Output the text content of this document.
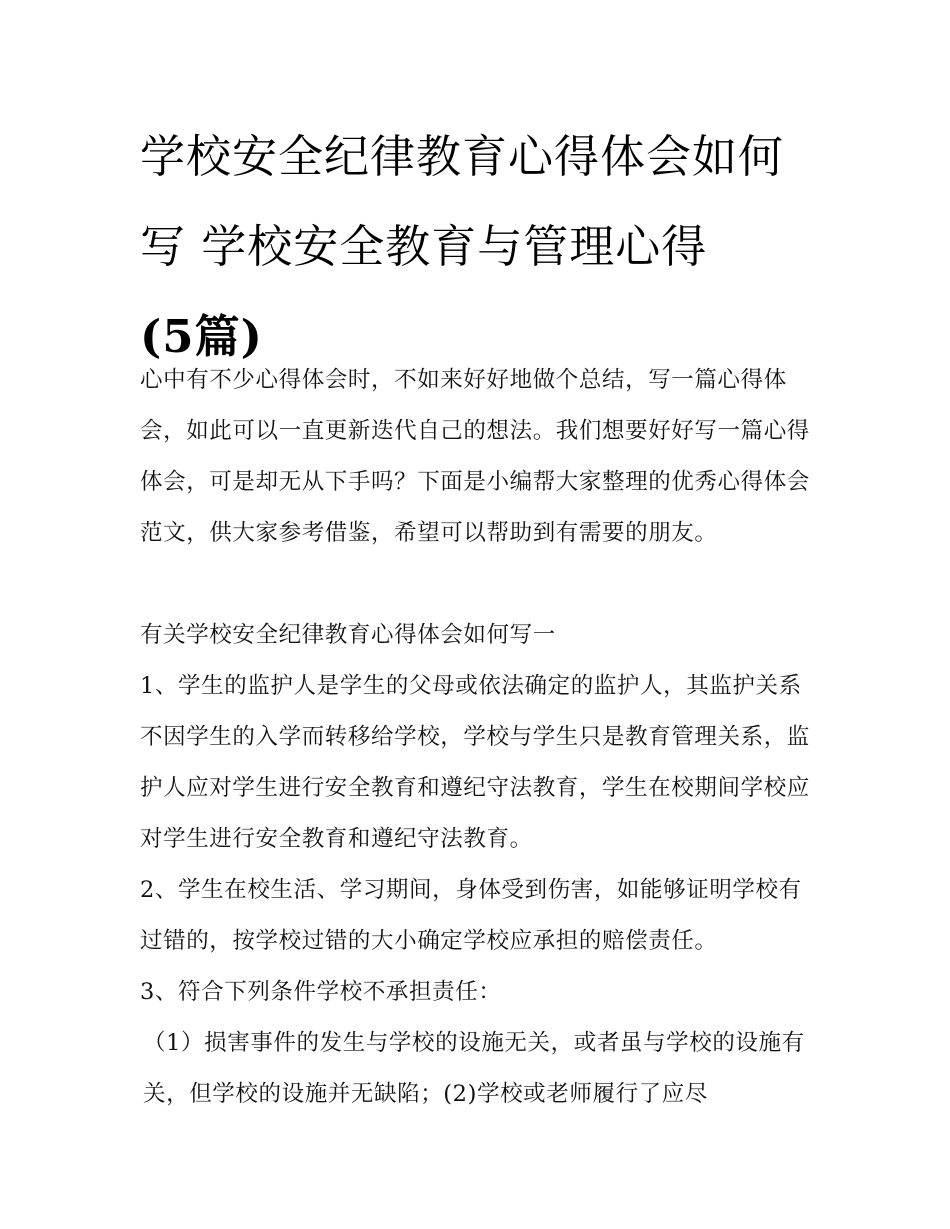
学校安全纪律教育心得体会如何写 学校安全教育与管理心得
(5篇)

心中有不少心得体会时，不如来好好地做个总结，写一篇心得体会，如此可以一直更新迭代自己的想法。我们想要好好写一篇心得体会，可是却无从下手吗？下面是小编帮大家整理的优秀心得体会范文，供大家参考借鉴，希望可以帮助到有需要的朋友。

有关学校安全纪律教育心得体会如何写一

1、学生的监护人是学生的父母或依法确定的监护人，其监护关系不因学生的入学而转移给学校，学校与学生只是教育管理关系，监护人应对学生进行安全教育和遵纪守法教育，学生在校期间学校应对学生进行安全教育和遵纪守法教育。

2、学生在校生活、学习期间，身体受到伤害，如能够证明学校有过错的，按学校过错的大小确定学校应承担的赔偿责任。

3、符合下列条件学校不承担责任：

（1）损害事件的发生与学校的设施无关，或者虽与学校的设施有关，但学校的设施并无缺陷；(2)学校或老师履行了应尽
